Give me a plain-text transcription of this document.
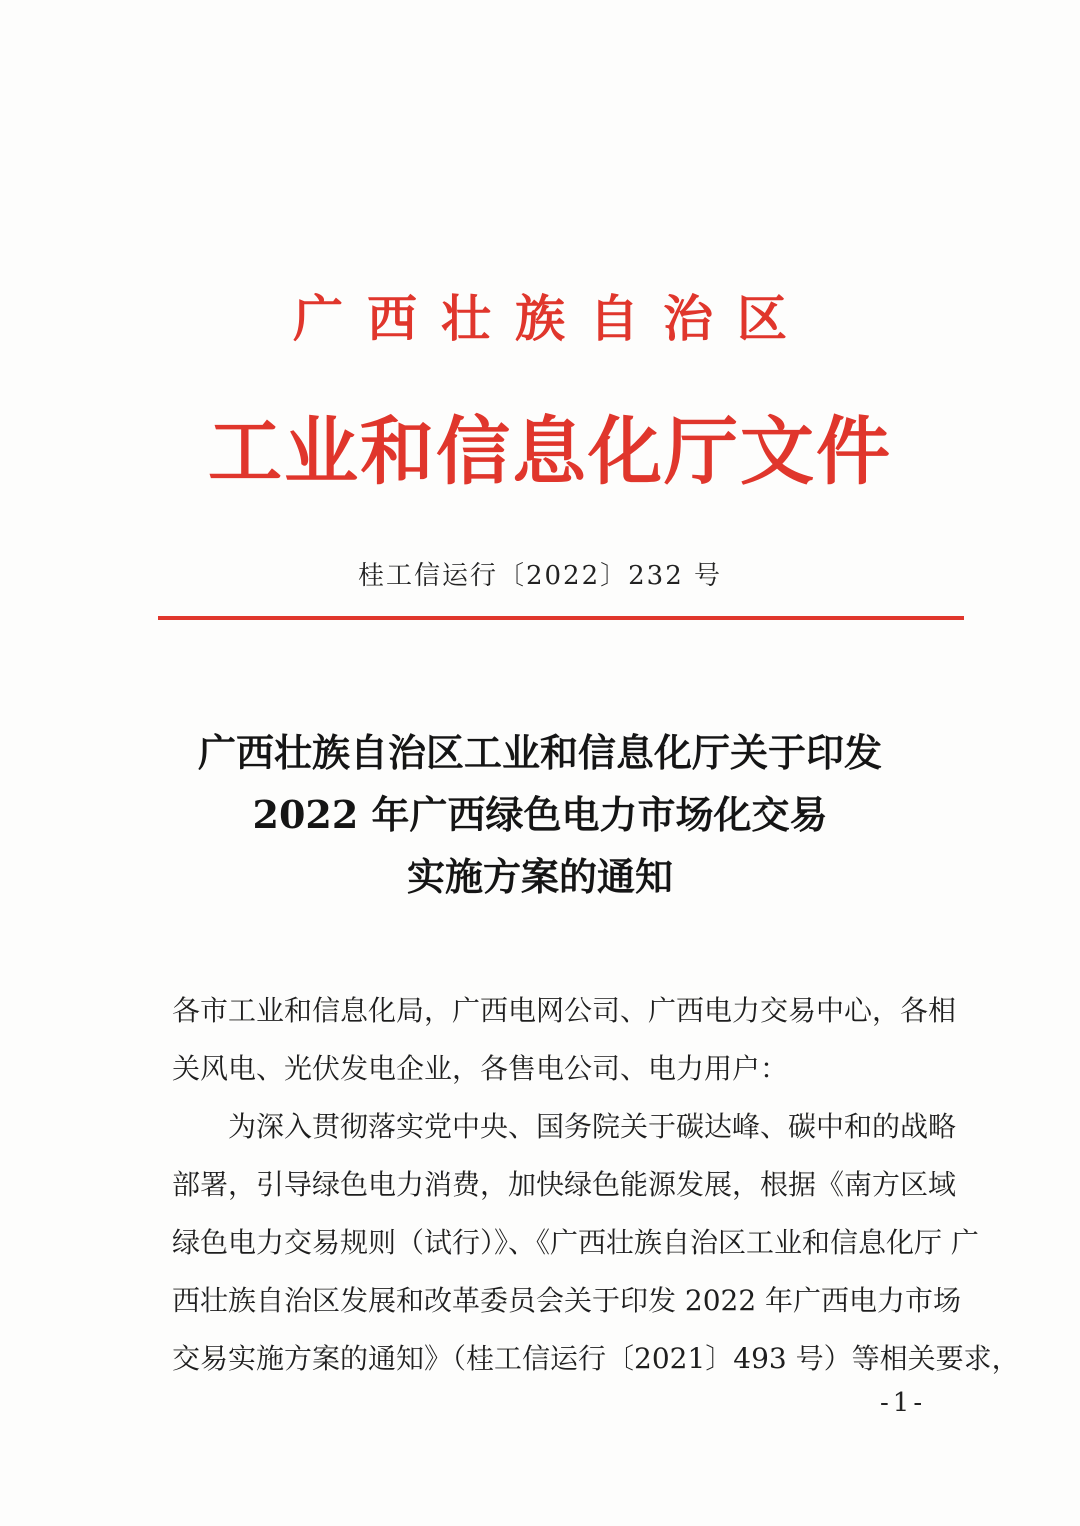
广西壮族自治区
工业和信息化厅文件
桂工信运行〔2022〕232 号
广西壮族自治区工业和信息化厅关于印发
2022 年广西绿色电力市场化交易
实施方案的通知
各市工业和信息化局，广西电网公司、广西电力交易中心，各相
关风电、光伏发电企业，各售电公司、电力用户：
为深入贯彻落实党中央、国务院关于碳达峰、碳中和的战略
部署，引导绿色电力消费，加快绿色能源发展，根据《南方区域
绿色电力交易规则（试行）》、《广西壮族自治区工业和信息化厅 广
西壮族自治区发展和改革委员会关于印发 2022 年广西电力市场
交易实施方案的通知》（桂工信运行〔2021〕493 号）等相关要求，
-1-
